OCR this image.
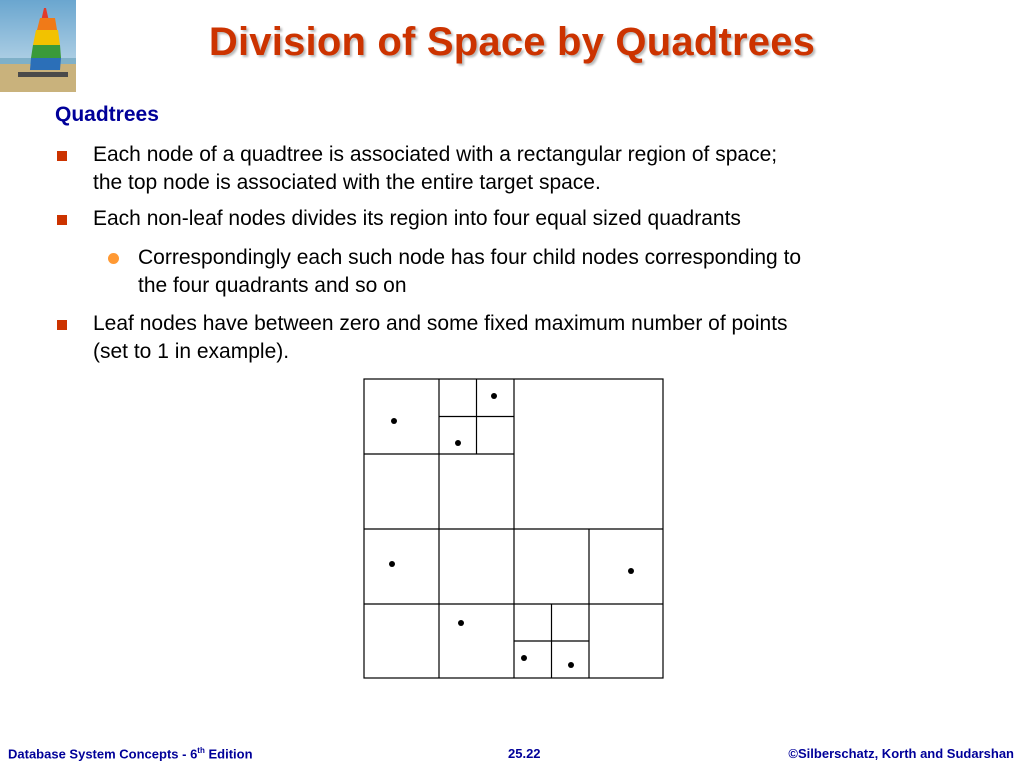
Division of Space by Quadtrees
Quadtrees
Each node of a quadtree is associated with a rectangular region of space;
the top node is associated with the entire target space.
Each non-leaf nodes divides its region into four equal sized quadrants
Correspondingly each such node has four child nodes corresponding to
the four quadrants and so on
Leaf nodes have between zero and some fixed maximum number of points
(set to 1 in example).
Database System Concepts - 6th Edition	25.22	©Silberschatz, Korth and Sudarshan
